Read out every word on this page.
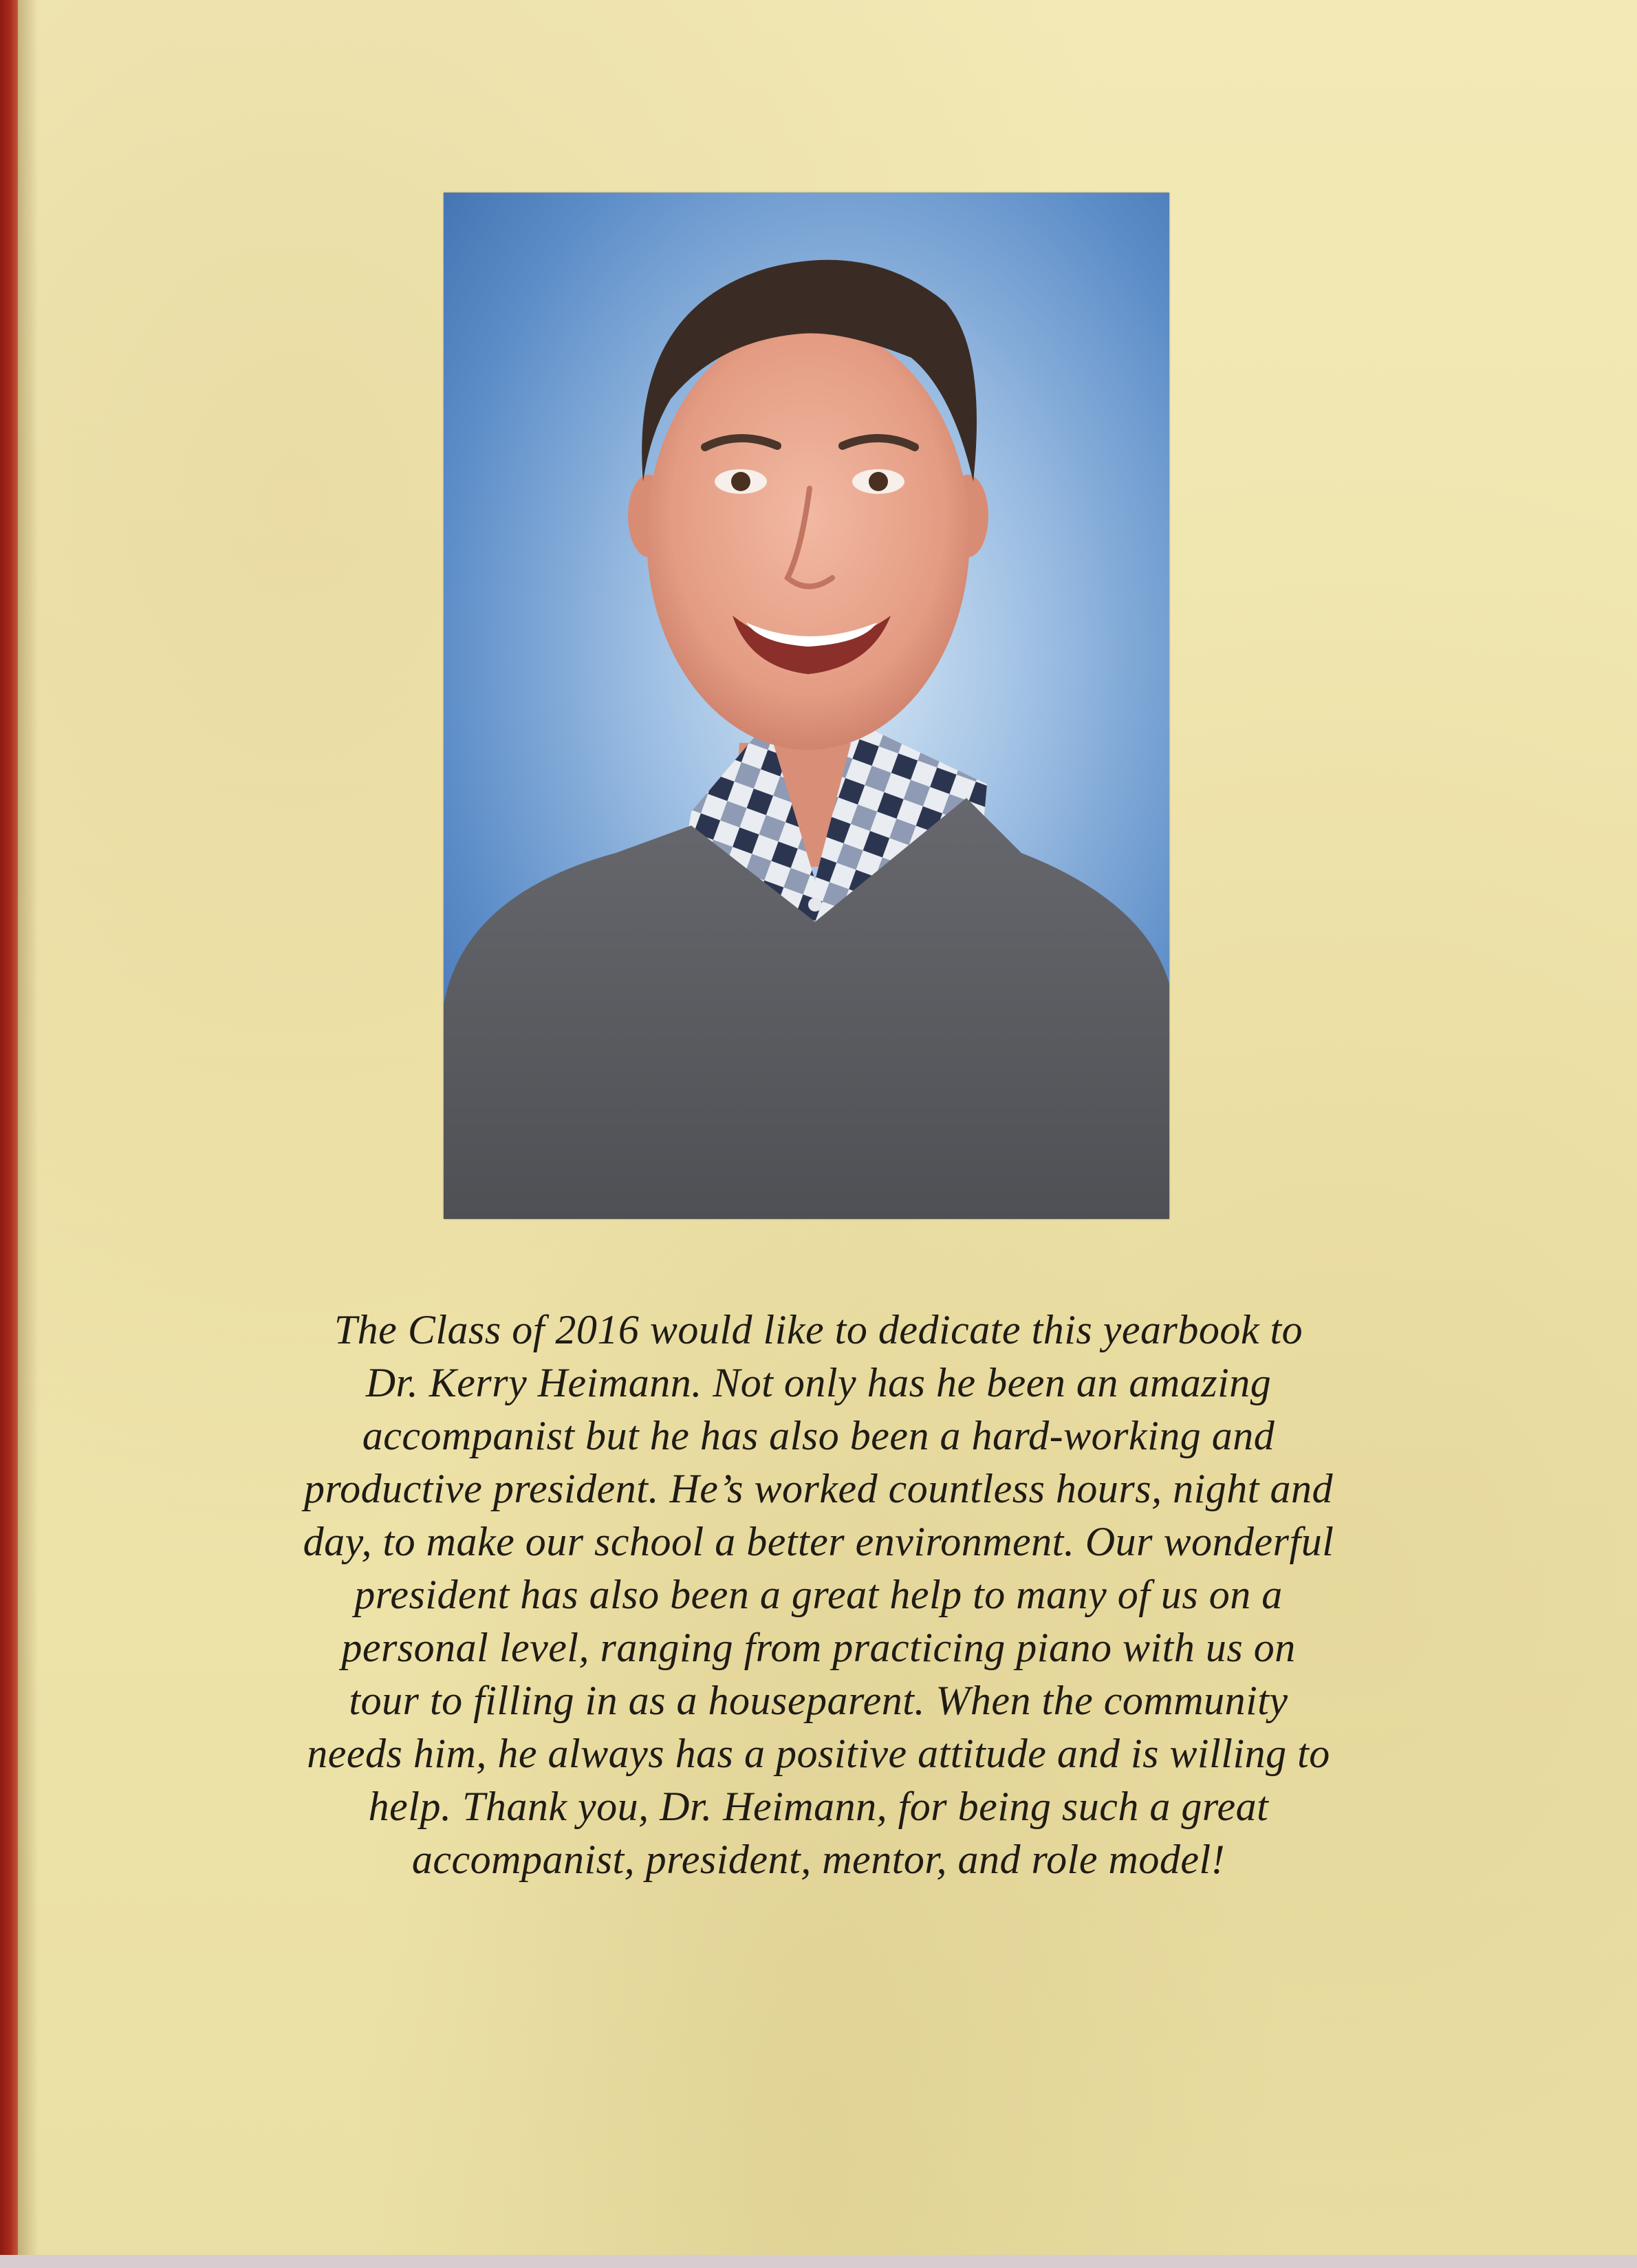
The Class of 2016 would like to dedicate this yearbook to
Dr. Kerry Heimann. Not only has he been an amazing
accompanist but he has also been a hard-working and
productive president. He’s worked countless hours, night and
day, to make our school a better environment. Our wonderful
president has also been a great help to many of us on a
personal level, ranging from practicing piano with us on
tour to filling in as a houseparent. When the community
needs him, he always has a positive attitude and is willing to
help. Thank you, Dr. Heimann, for being such a great
accompanist, president, mentor, and role model!
